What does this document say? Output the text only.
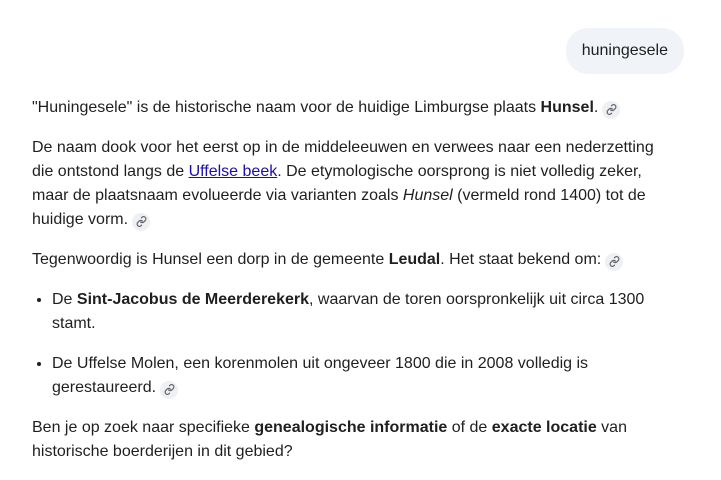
huningesele

"Huningesele" is de historische naam voor de huidige Limburgse plaats Hunsel.

De naam dook voor het eerst op in de middeleeuwen en verwees naar een nederzetting die ontstond langs de Uffelse beek. De etymologische oorsprong is niet volledig zeker, maar de plaatsnaam evolueerde via varianten zoals Hunsel (vermeld rond 1400) tot de huidige vorm.

Tegenwoordig is Hunsel een dorp in de gemeente Leudal. Het staat bekend om:

• De Sint-Jacobus de Meerderekerk, waarvan de toren oorspronkelijk uit circa 1300 stamt.
• De Uffelse Molen, een korenmolen uit ongeveer 1800 die in 2008 volledig is gerestaureerd.

Ben je op zoek naar specifieke genealogische informatie of de exacte locatie van historische boerderijen in dit gebied?
